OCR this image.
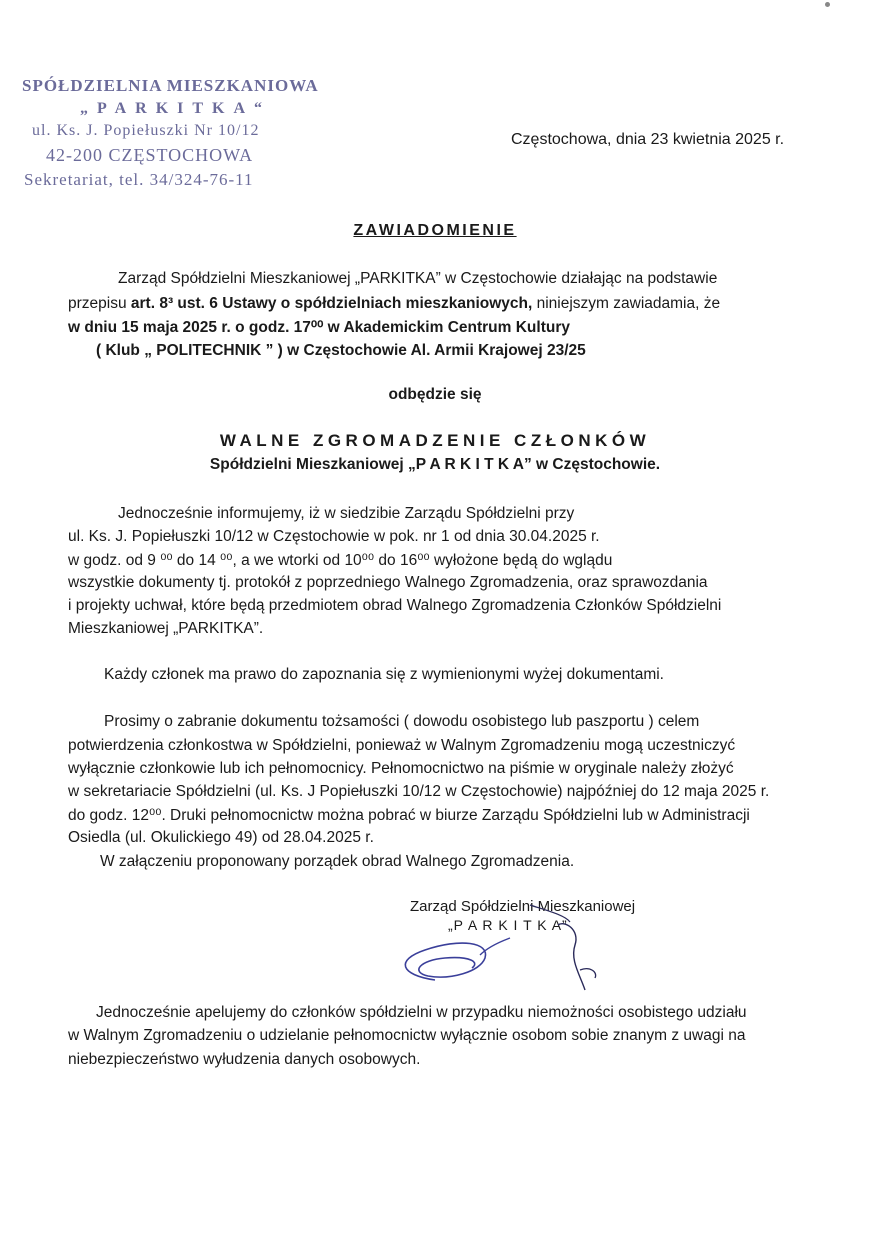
SPÓŁDZIELNIA MIESZKANIOWA
„PARKITKA“
ul. Ks. J. Popiełuszki Nr 10/12
42-200 CZĘSTOCHOWA
Sekretariat, tel. 34/324-76-11
Częstochowa, dnia 23 kwietnia 2025 r.
ZAWIADOMIENIE
Zarząd Spółdzielni Mieszkaniowej „PARKITKA” w Częstochowie działając na podstawie
przepisu art. 8³ ust. 6 Ustawy o spółdzielniach mieszkaniowych, niniejszym zawiadamia, że
w dniu 15 maja 2025 r. o godz. 17⁰⁰ w Akademickim Centrum Kultury
( Klub „ POLITECHNIK ” ) w Częstochowie Al. Armii Krajowej 23/25
odbędzie się
WALNE ZGROMADZENIE CZŁONKÓW
Spółdzielni Mieszkaniowej „P A R K I T K A” w Częstochowie.
Jednocześnie informujemy, iż w siedzibie Zarządu Spółdzielni przy
ul. Ks. J. Popiełuszki 10/12 w Częstochowie w pok. nr 1 od dnia 30.04.2025 r.
w godz. od 9 ⁰⁰ do 14 ⁰⁰, a we wtorki od 10⁰⁰ do 16⁰⁰ wyłożone będą do wglądu
wszystkie dokumenty tj. protokół z poprzedniego Walnego Zgromadzenia, oraz sprawozdania
i projekty uchwał, które będą przedmiotem obrad Walnego Zgromadzenia Członków Spółdzielni
Mieszkaniowej „PARKITKA”.
Każdy członek ma prawo do zapoznania się z wymienionymi wyżej dokumentami.
Prosimy o zabranie dokumentu tożsamości ( dowodu osobistego lub paszportu ) celem
potwierdzenia członkostwa w Spółdzielni, ponieważ w Walnym Zgromadzeniu mogą uczestniczyć
wyłącznie członkowie lub ich pełnomocnicy. Pełnomocnictwo na piśmie w oryginale należy złożyć
w sekretariacie Spółdzielni (ul. Ks. J Popiełuszki 10/12 w Częstochowie) najpóźniej do 12 maja 2025 r.
do godz. 12⁰⁰. Druki pełnomocnictw można pobrać w biurze Zarządu Spółdzielni lub w Administracji
Osiedla (ul. Okulickiego 49) od 28.04.2025 r.
W załączeniu proponowany porządek obrad Walnego Zgromadzenia.
Zarząd Spółdzielni Mieszkaniowej
„P A R K I T K A”
Jednocześnie apelujemy do członków spółdzielni w przypadku niemożności osobistego udziału
w Walnym Zgromadzeniu o udzielanie pełnomocnictw wyłącznie osobom sobie znanym z uwagi na
niebezpieczeństwo wyłudzenia danych osobowych.
